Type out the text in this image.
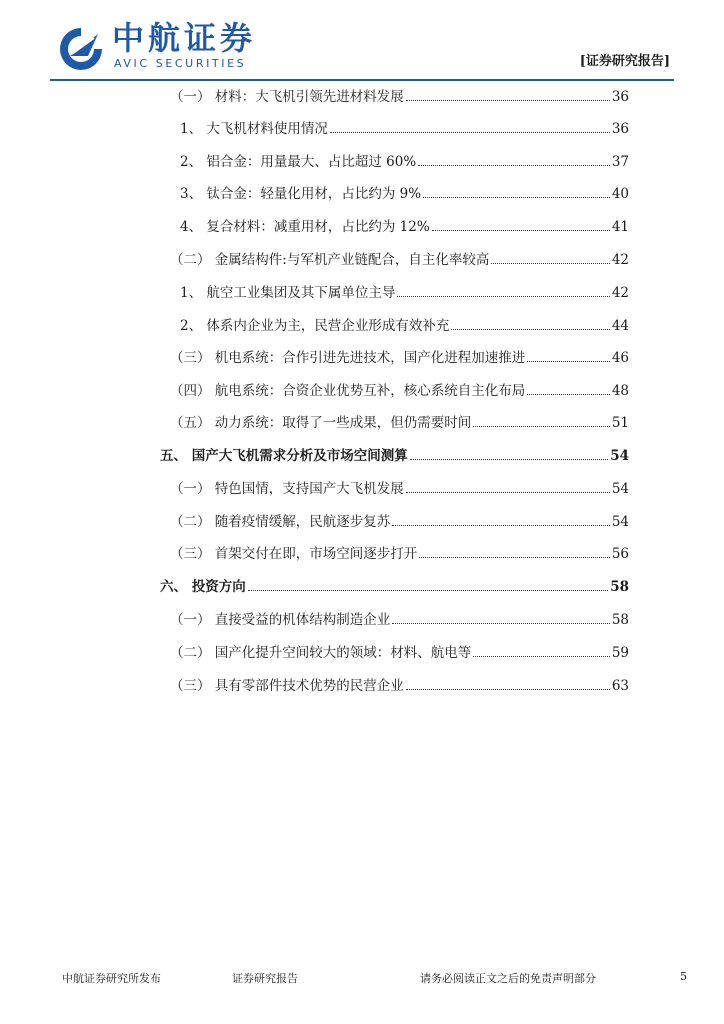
中航证券
AVIC SECURITIES	[证券研究报告]
（一） 材料：大飞机引领先进材料发展	36
1、 大飞机材料使用情况	36
2、 铝合金：用量最大、占比超过 60%	37
3、 钛合金：轻量化用材，占比约为 9%	40
4、 复合材料：减重用材，占比约为 12%	41
（二） 金属结构件:与军机产业链配合，自主化率较高	42
1、 航空工业集团及其下属单位主导	42
2、 体系内企业为主，民营企业形成有效补充	44
（三） 机电系统：合作引进先进技术，国产化进程加速推进	46
（四） 航电系统：合资企业优势互补，核心系统自主化布局	48
（五） 动力系统：取得了一些成果，但仍需要时间	51
五、 国产大飞机需求分析及市场空间测算	54
（一） 特色国情，支持国产大飞机发展	54
（二） 随着疫情缓解，民航逐步复苏	54
（三） 首架交付在即，市场空间逐步打开	56
六、 投资方向	58
（一） 直接受益的机体结构制造企业	58
（二） 国产化提升空间较大的领域：材料、航电等	59
（三） 具有零部件技术优势的民营企业	63
中航证券研究所发布	证券研究报告	请务必阅读正文之后的免责声明部分	5
